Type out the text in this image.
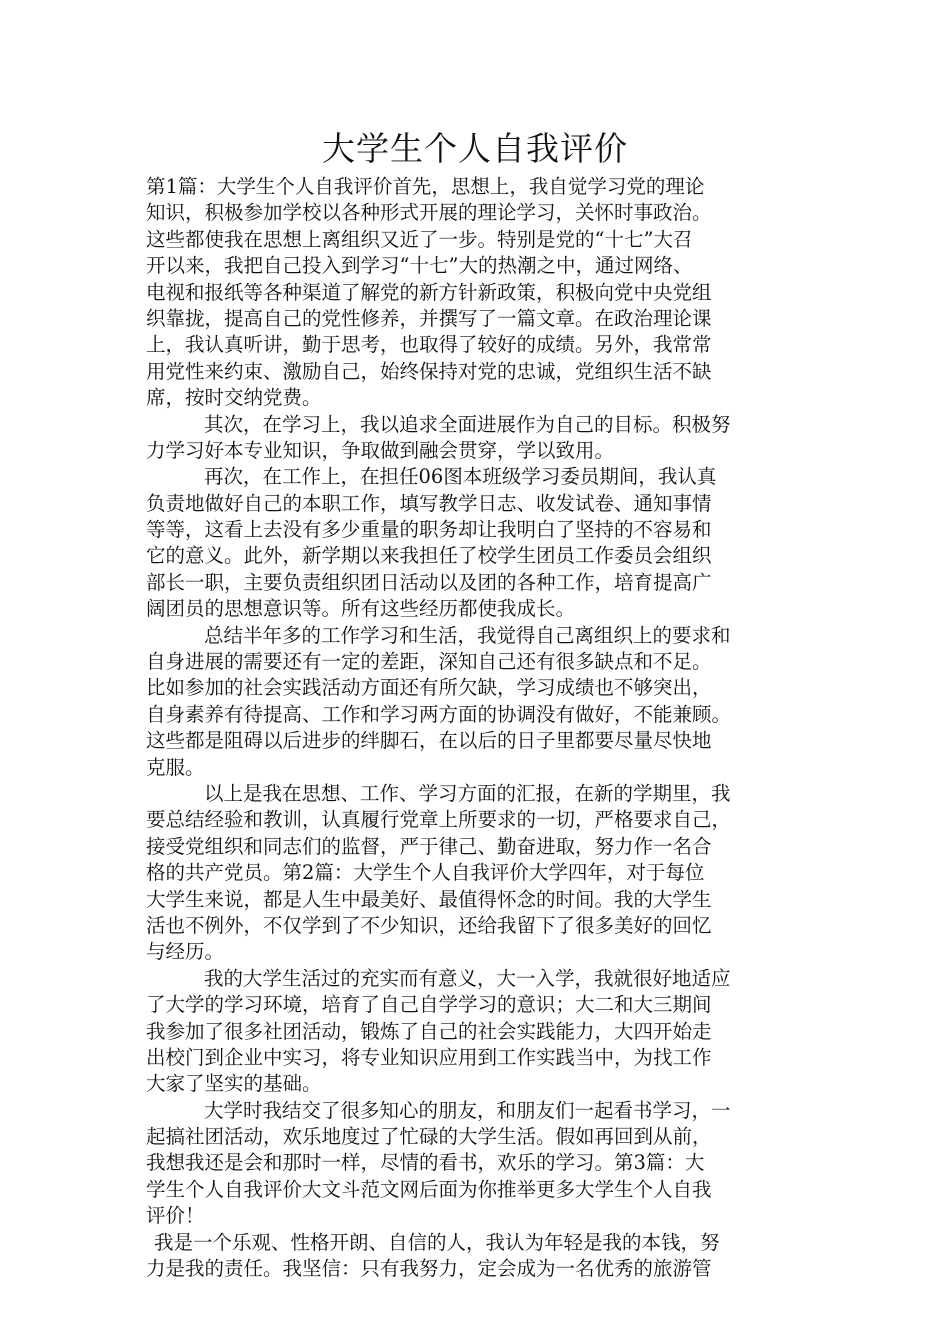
大学生个人自我评价
第1篇：大学生个人自我评价首先，思想上，我自觉学习党的理论
知识，积极参加学校以各种形式开展的理论学习，关怀时事政治。
这些都使我在思想上离组织又近了一步。特别是党的“十七”大召
开以来，我把自己投入到学习“十七”大的热潮之中，通过网络、
电视和报纸等各种渠道了解党的新方针新政策，积极向党中央党组
织靠拢，提高自己的党性修养，并撰写了一篇文章。在政治理论课
上，我认真听讲，勤于思考，也取得了较好的成绩。另外，我常常
用党性来约束、激励自己，始终保持对党的忠诚，党组织生活不缺
席，按时交纳党费。
其次，在学习上，我以追求全面进展作为自己的目标。积极努
力学习好本专业知识，争取做到融会贯穿，学以致用。
再次，在工作上，在担任06图本班级学习委员期间，我认真
负责地做好自己的本职工作，填写教学日志、收发试卷、通知事情
等等，这看上去没有多少重量的职务却让我明白了坚持的不容易和
它的意义。此外，新学期以来我担任了校学生团员工作委员会组织
部长一职，主要负责组织团日活动以及团的各种工作，培育提高广
阔团员的思想意识等。所有这些经历都使我成长。
总结半年多的工作学习和生活，我觉得自己离组织上的要求和
自身进展的需要还有一定的差距，深知自己还有很多缺点和不足。
比如参加的社会实践活动方面还有所欠缺，学习成绩也不够突出，
自身素养有待提高、工作和学习两方面的协调没有做好，不能兼顾。
这些都是阻碍以后进步的绊脚石，在以后的日子里都要尽量尽快地
克服。
以上是我在思想、工作、学习方面的汇报，在新的学期里，我
要总结经验和教训，认真履行党章上所要求的一切，严格要求自己，
接受党组织和同志们的监督，严于律己、勤奋进取，努力作一名合
格的共产党员。第2篇：大学生个人自我评价大学四年，对于每位
大学生来说，都是人生中最美好、最值得怀念的时间。我的大学生
活也不例外，不仅学到了不少知识，还给我留下了很多美好的回忆
与经历。
我的大学生活过的充实而有意义，大一入学，我就很好地适应
了大学的学习环境，培育了自己自学学习的意识；大二和大三期间
我参加了很多社团活动，锻炼了自己的社会实践能力，大四开始走
出校门到企业中实习，将专业知识应用到工作实践当中，为找工作
大家了坚实的基础。
大学时我结交了很多知心的朋友，和朋友们一起看书学习，一
起搞社团活动，欢乐地度过了忙碌的大学生活。假如再回到从前，
我想我还是会和那时一样，尽情的看书，欢乐的学习。第3篇：大
学生个人自我评价大文斗范文网后面为你推举更多大学生个人自我
评价！
我是一个乐观、性格开朗、自信的人，我认为年轻是我的本钱，努
力是我的责任。我坚信：只有我努力，定会成为一名优秀的旅游管
